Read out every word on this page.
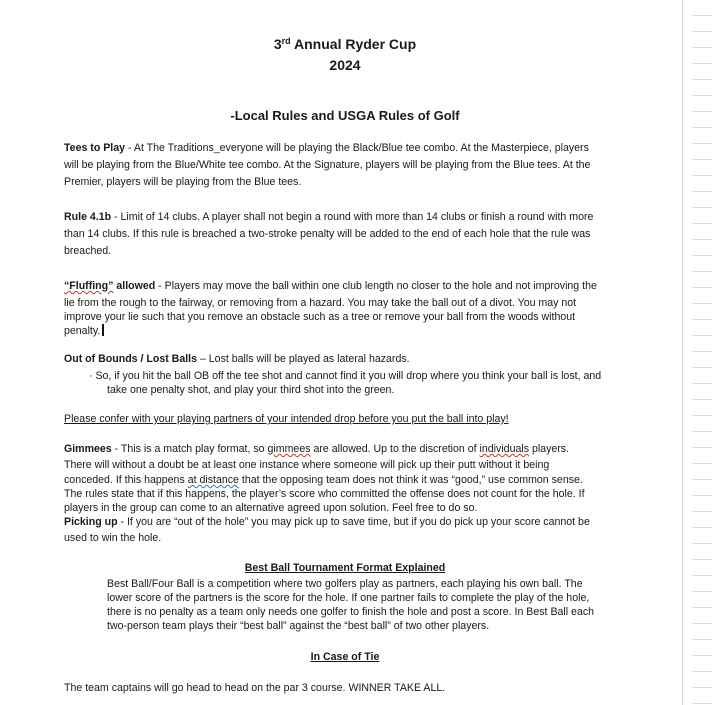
3rd Annual Ryder Cup
2024
-Local Rules and USGA Rules of Golf
Tees to Play - At The Traditions_everyone will be playing the Black/Blue tee combo. At the Masterpiece, players
will be playing from the Blue/White tee combo. At the Signature, players will be playing from the Blue tees. At the
Premier, players will be playing from the Blue tees.
Rule 4.1b - Limit of 14 clubs. A player shall not begin a round with more than 14 clubs or finish a round with more
than 14 clubs. If this rule is breached a two-stroke penalty will be added to the end of each hole that the rule was
breached.
“Fluffing” allowed - Players may move the ball within one club length no closer to the hole and not improving the
lie from the rough to the fairway, or removing from a hazard. You may take the ball out of a divot. You may not
improve your lie such that you remove an obstacle such as a tree or remove your ball from the woods without
penalty.
Out of Bounds / Lost Balls – Lost balls will be played as lateral hazards.
· So, if you hit the ball OB off the tee shot and cannot find it you will drop where you think your ball is lost, and
take one penalty shot, and play your third shot into the green.
Please confer with your playing partners of your intended drop before you put the ball into play!
Gimmees - This is a match play format, so gimmees are allowed. Up to the discretion of individuals players.
There will without a doubt be at least one instance where someone will pick up their putt without it being
conceded. If this happens at distance that the opposing team does not think it was “good,” use common sense.
The rules state that if this happens, the player’s score who committed the offense does not count for the hole. If
players in the group can come to an alternative agreed upon solution. Feel free to do so.
Picking up - If you are “out of the hole” you may pick up to save time, but if you do pick up your score cannot be
used to win the hole.
Best Ball Tournament Format Explained
Best Ball/Four Ball is a competition where two golfers play as partners, each playing his own ball. The
lower score of the partners is the score for the hole. If one partner fails to complete the play of the hole,
there is no penalty as a team only needs one golfer to finish the hole and post a score. In Best Ball each
two-person team plays their “best ball” against the “best ball” of two other players.
In Case of Tie
The team captains will go head to head on the par 3 course. WINNER TAKE ALL.
